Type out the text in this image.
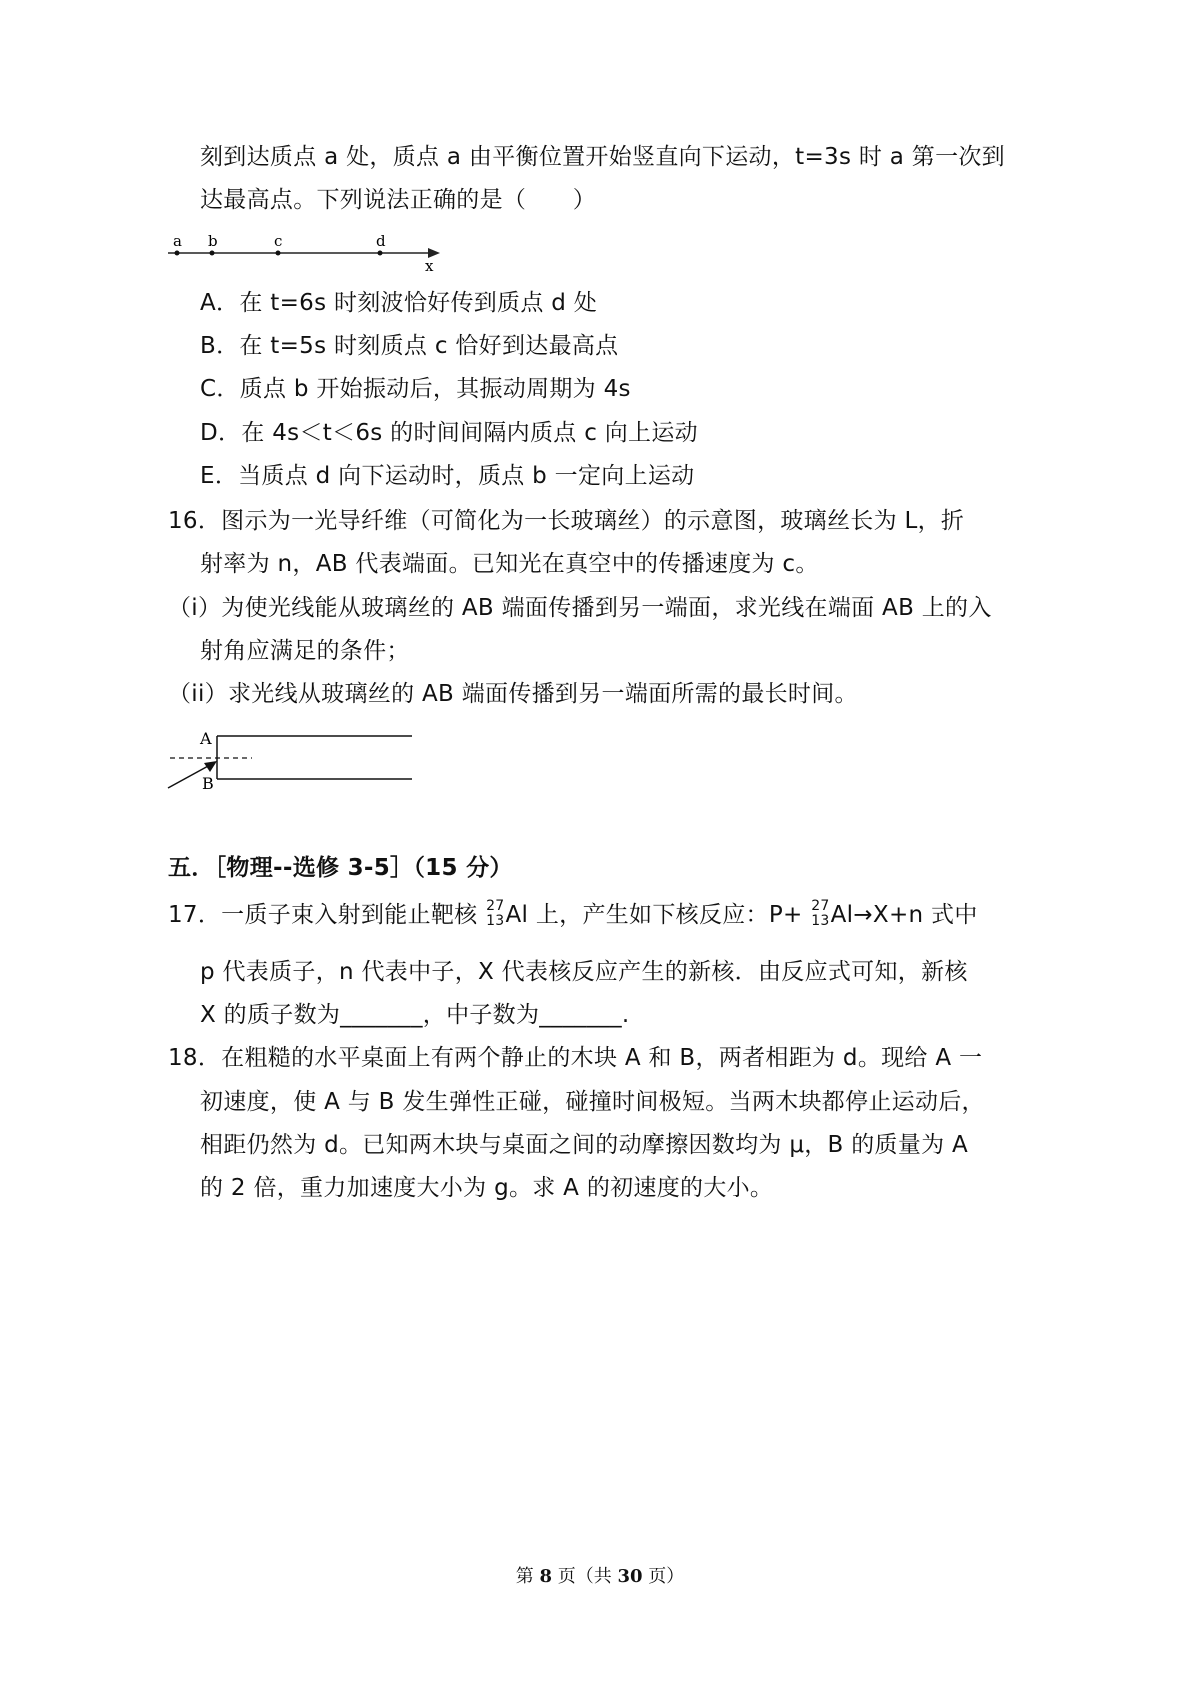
刻到达质点 a 处，质点 a 由平衡位置开始竖直向下运动，t=3s 时 a 第一次到
达最高点。下列说法正确的是（　　）
a b	c	d
x
A．在 t=6s 时刻波恰好传到质点 d 处
B．在 t=5s 时刻质点 c 恰好到达最高点
C．质点 b 开始振动后，其振动周期为 4s
D．在 4s＜t＜6s 的时间间隔内质点 c 向上运动
E．当质点 d 向下运动时，质点 b 一定向上运动
16．图示为一光导纤维（可简化为一长玻璃丝）的示意图，玻璃丝长为 L，折
射率为 n，AB 代表端面。已知光在真空中的传播速度为 c。
（i）为使光线能从玻璃丝的 AB 端面传播到另一端面，求光线在端面 AB 上的入
射角应满足的条件；
（ii）求光线从玻璃丝的 AB 端面传播到另一端面所需的最长时间。
A
B
五．［物理--选修 3-5］（15 分）
17．一质子束入射到能止靶核 27
13 Al 上，产生如下核反应：P+ 27
13 Al→X+n 式中
p 代表质子，n 代表中子，X 代表核反应产生的新核．由反应式可知，新核
X 的质子数为_______，中子数为_______.
18．在粗糙的水平桌面上有两个静止的木块 A 和 B，两者相距为 d。现给 A 一
初速度，使 A 与 B 发生弹性正碰，碰撞时间极短。当两木块都停止运动后，
相距仍然为 d。已知两木块与桌面之间的动摩擦因数均为 μ，B 的质量为 A
的 2 倍，重力加速度大小为 g。求 A 的初速度的大小。
第 8 页（共 30 页）
